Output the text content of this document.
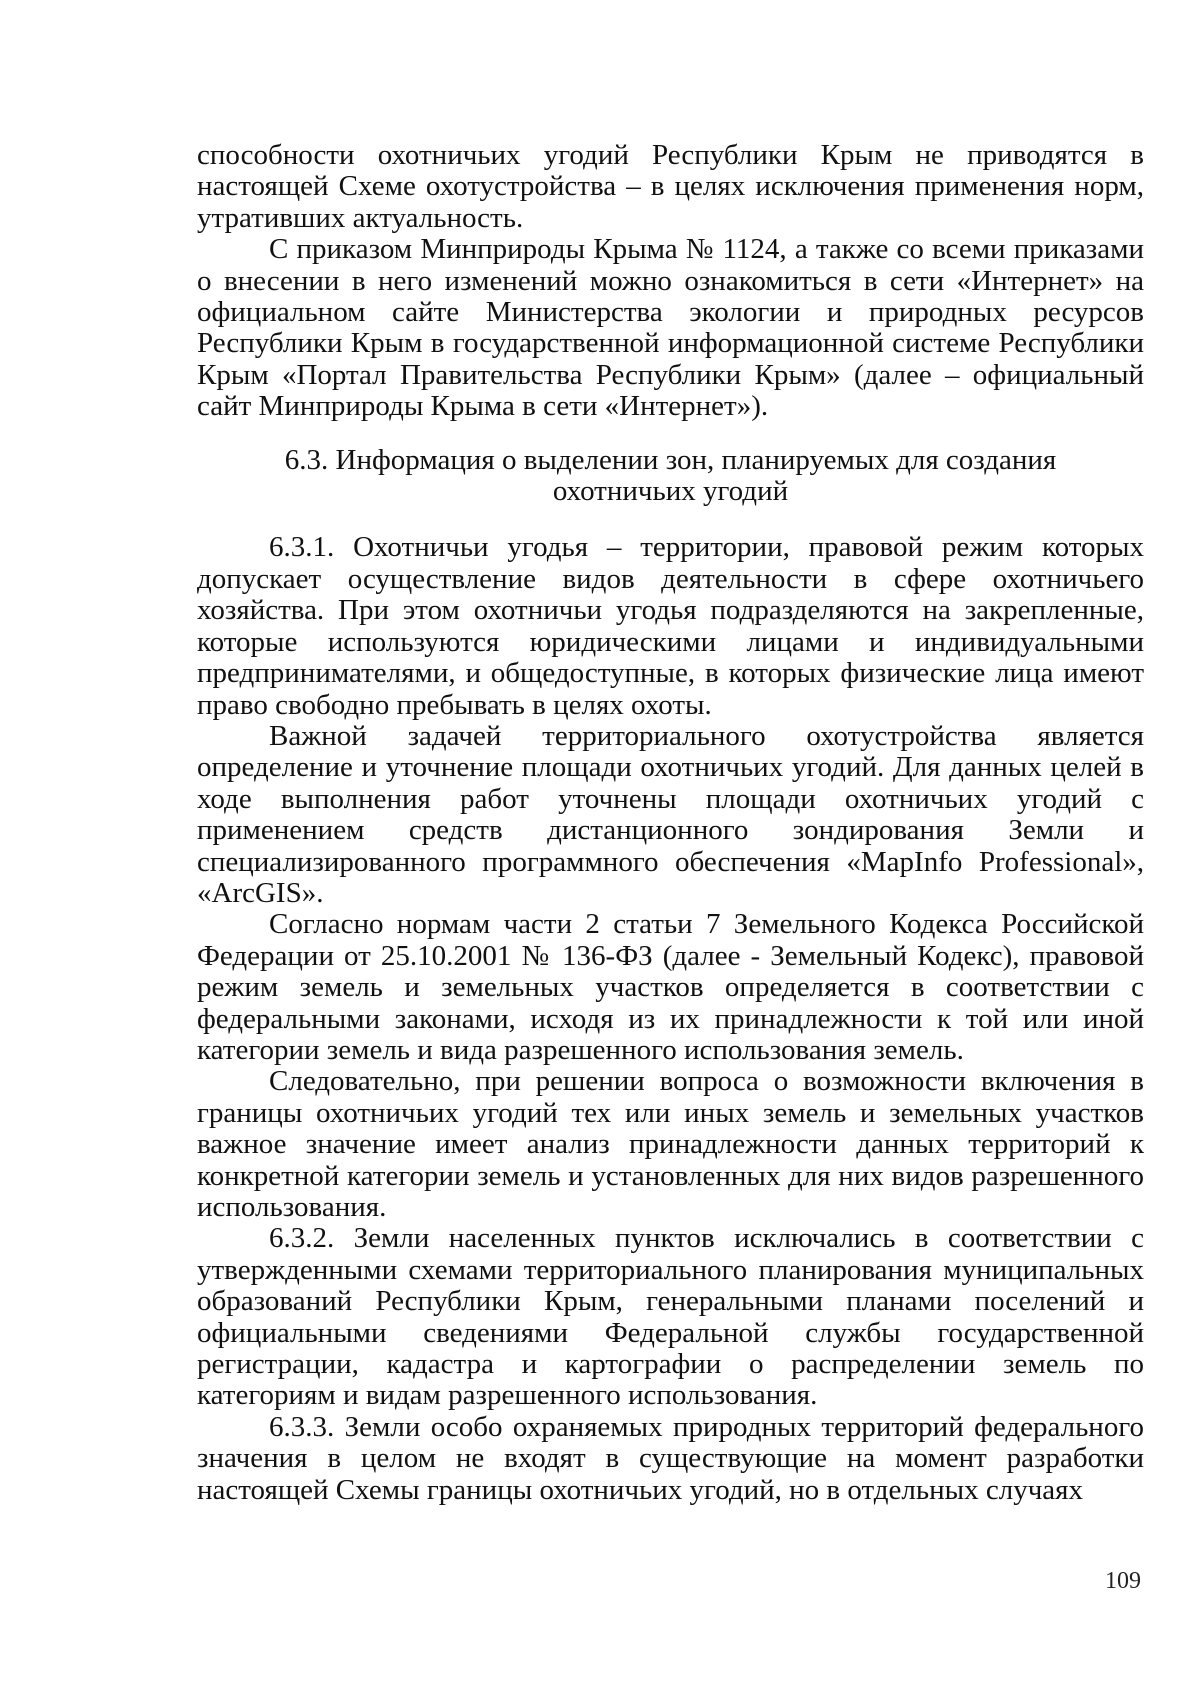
способности охотничьих угодий Республики Крым не приводятся в настоящей Схеме охотустройства – в целях исключения применения норм, утративших актуальность.

С приказом Минприроды Крыма № 1124, а также со всеми приказами о внесении в него изменений можно ознакомиться в сети «Интернет» на официальном сайте Министерства экологии и природных ресурсов Республики Крым в государственной информационной системе Республики Крым «Портал Правительства Республики Крым» (далее – официальный сайт Минприроды Крыма в сети «Интернет»).

6.3. Информация о выделении зон, планируемых для создания
охотничьих угодий

6.3.1. Охотничьи угодья – территории, правовой режим которых допускает осуществление видов деятельности в сфере охотничьего хозяйства. При этом охотничьи угодья подразделяются на закрепленные, которые используются юридическими лицами и индивидуальными предпринимателями, и общедоступные, в которых физические лица имеют право свободно пребывать в целях охоты.

Важной задачей территориального охотустройства является определение и уточнение площади охотничьих угодий. Для данных целей в ходе выполнения работ уточнены площади охотничьих угодий с применением средств дистанционного зондирования Земли и специализированного программного обеспечения «MapInfo Professional», «ArcGIS».

Согласно нормам части 2 статьи 7 Земельного Кодекса Российской Федерации от 25.10.2001 № 136-ФЗ (далее - Земельный Кодекс), правовой режим земель и земельных участков определяется в соответствии с федеральными законами, исходя из их принадлежности к той или иной категории земель и вида разрешенного использования земель.

Следовательно, при решении вопроса о возможности включения в границы охотничьих угодий тех или иных земель и земельных участков важное значение имеет анализ принадлежности данных территорий к конкретной категории земель и установленных для них видов разрешенного использования.

6.3.2. Земли населенных пунктов исключались в соответствии с утвержденными схемами территориального планирования муниципальных образований Республики Крым, генеральными планами поселений и официальными сведениями Федеральной службы государственной регистрации, кадастра и картографии о распределении земель по категориям и видам разрешенного использования.

6.3.3. Земли особо охраняемых природных территорий федерального значения в целом не входят в существующие на момент разработки настоящей Схемы границы охотничьих угодий, но в отдельных случаях

109
